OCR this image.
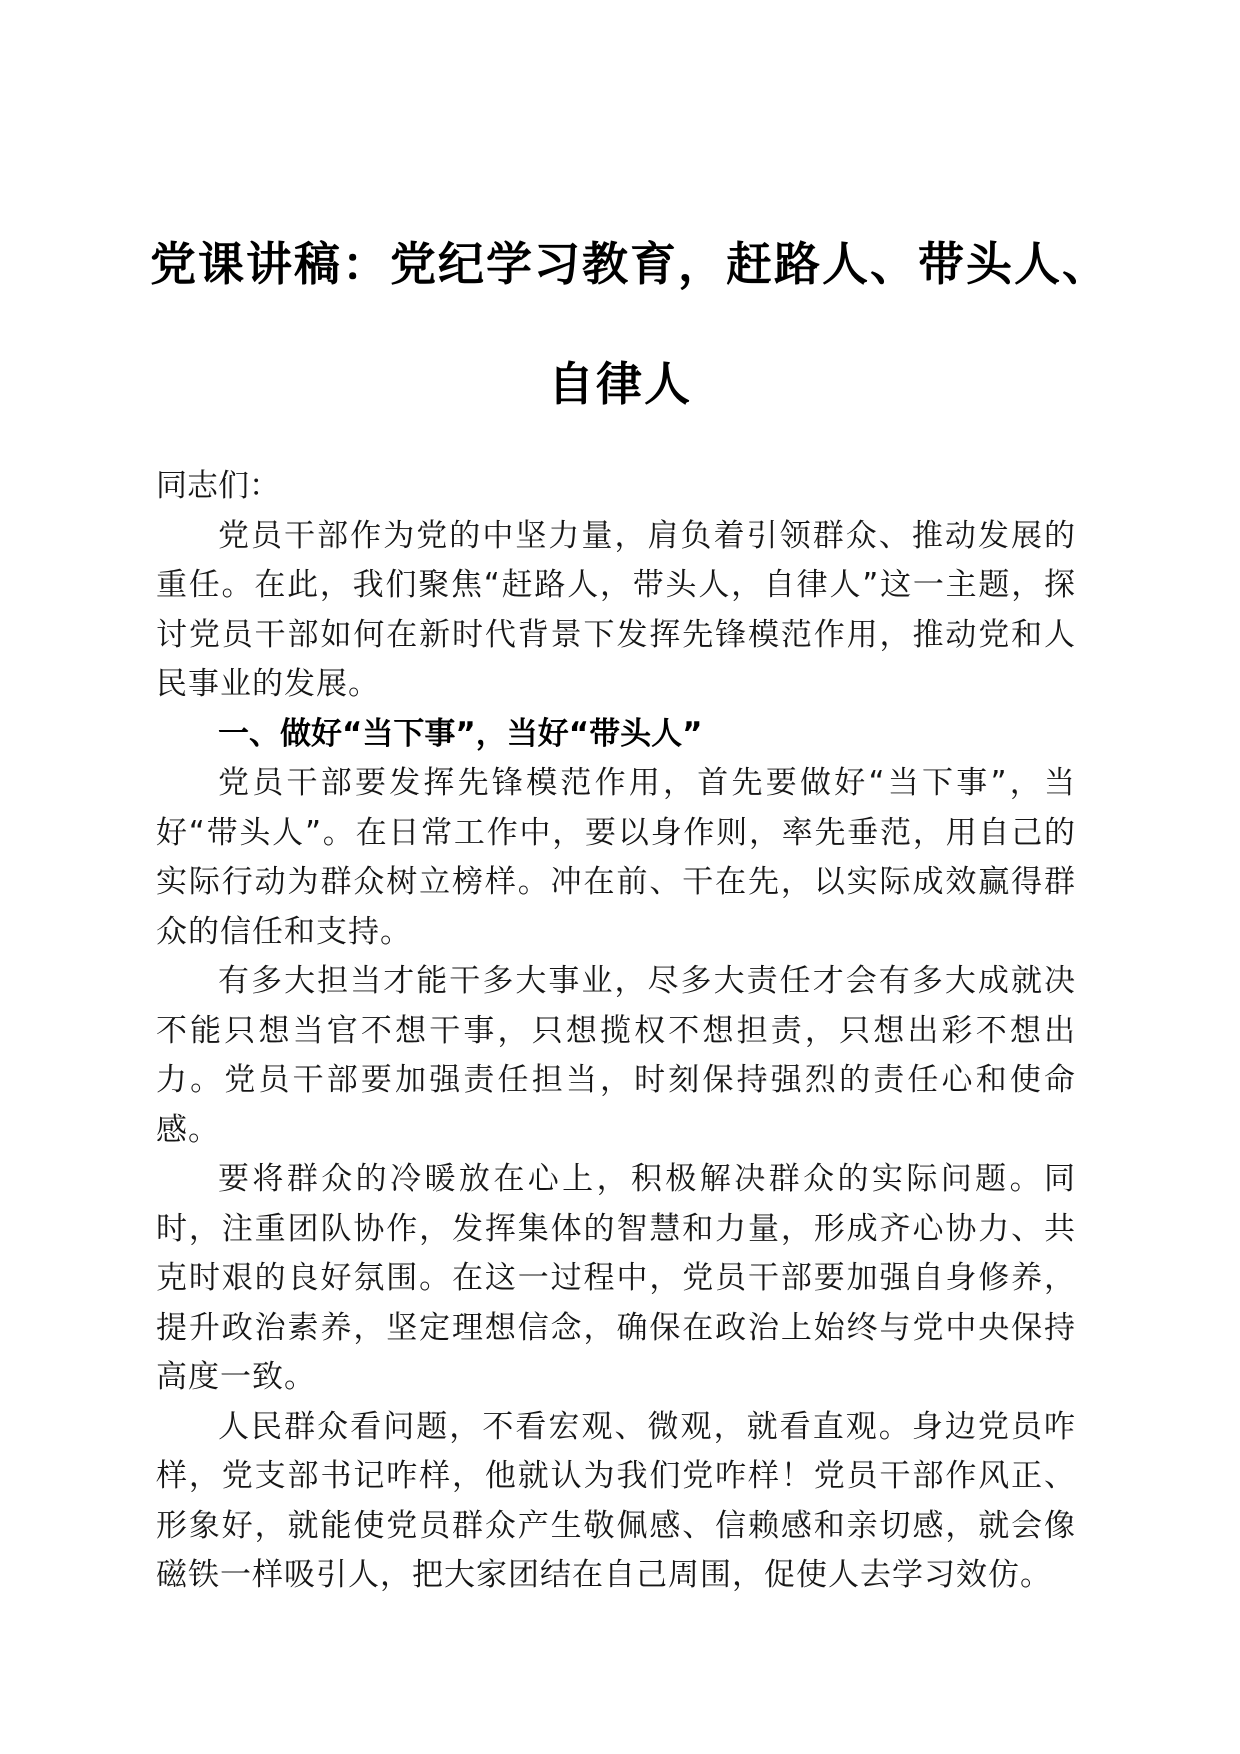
党课讲稿：党纪学习教育，赶路人、带头人、
自律人

同志们：

党员干部作为党的中坚力量，肩负着引领群众、推动发展的重任。在此，我们聚焦“赶路人，带头人，自律人”这一主题，探讨党员干部如何在新时代背景下发挥先锋模范作用，推动党和人民事业的发展。

一、做好“当下事”，当好“带头人”

党员干部要发挥先锋模范作用，首先要做好“当下事”，当好“带头人”。在日常工作中，要以身作则，率先垂范，用自己的实际行动为群众树立榜样。冲在前、干在先，以实际成效赢得群众的信任和支持。

有多大担当才能干多大事业，尽多大责任才会有多大成就决不能只想当官不想干事，只想揽权不想担责，只想出彩不想出力。党员干部要加强责任担当，时刻保持强烈的责任心和使命感。

要将群众的冷暖放在心上，积极解决群众的实际问题。同时，注重团队协作，发挥集体的智慧和力量，形成齐心协力、共克时艰的良好氛围。在这一过程中，党员干部要加强自身修养，提升政治素养，坚定理想信念，确保在政治上始终与党中央保持高度一致。

人民群众看问题，不看宏观、微观，就看直观。身边党员咋样，党支部书记咋样，他就认为我们党咋样！党员干部作风正、形象好，就能使党员群众产生敬佩感、信赖感和亲切感，就会像磁铁一样吸引人，把大家团结在自己周围，促使人去学习效仿。
